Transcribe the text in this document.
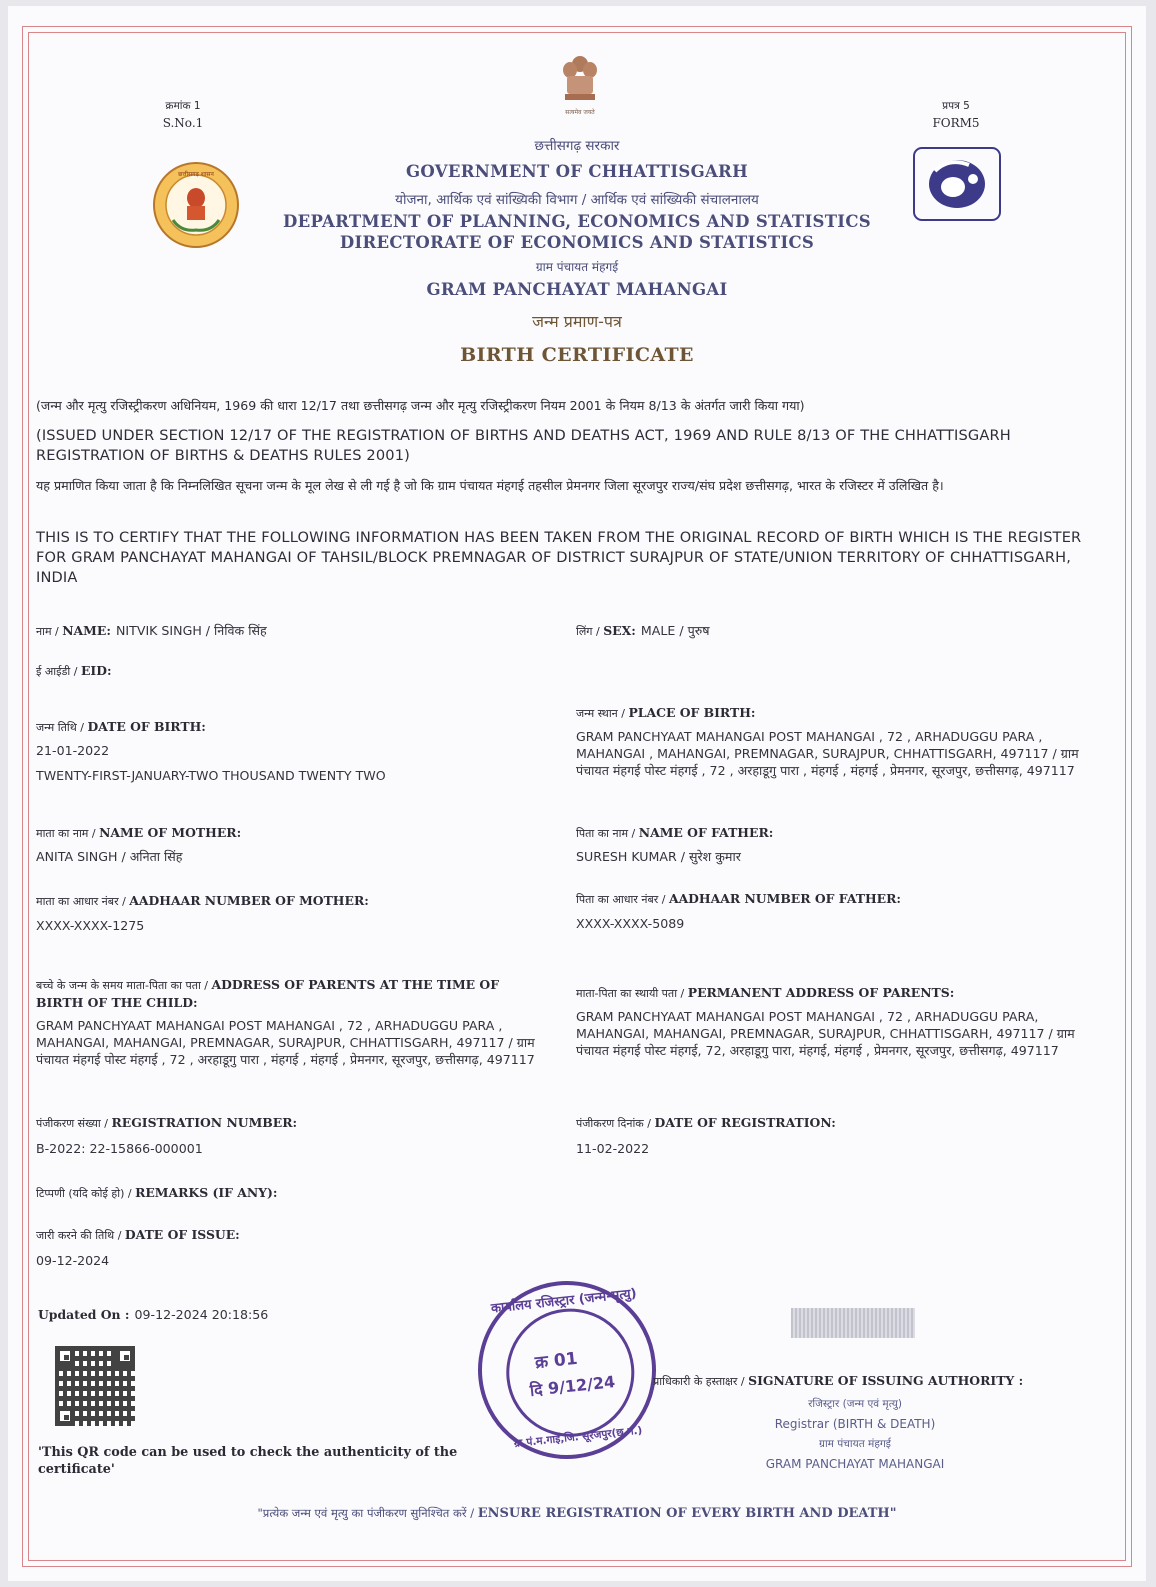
क्रमांक 1
S.No.1
प्रपत्र 5
FORM5
सत्यमेव जयते
छत्तीसगढ़ शासन
छत्तीसगढ़ सरकार
GOVERNMENT OF CHHATTISGARH
योजना, आर्थिक एवं सांख्यिकी विभाग / आर्थिक एवं सांख्यिकी संचालनालय
DEPARTMENT OF PLANNING, ECONOMICS AND STATISTICS
DIRECTORATE OF ECONOMICS AND STATISTICS
ग्राम पंचायत मंहगई
GRAM PANCHAYAT MAHANGAI
जन्म प्रमाण-पत्र
BIRTH CERTIFICATE
(जन्म और मृत्यु रजिस्ट्रीकरण अधिनियम, 1969 की धारा 12/17 तथा छत्तीसगढ़ जन्म और मृत्यु रजिस्ट्रीकरण नियम 2001 के नियम 8/13 के अंतर्गत जारी किया गया)
(ISSUED UNDER SECTION 12/17 OF THE REGISTRATION OF BIRTHS AND DEATHS ACT, 1969 AND RULE 8/13 OF THE CHHATTISGARH REGISTRATION OF BIRTHS & DEATHS RULES 2001)
यह प्रमाणित किया जाता है कि निम्नलिखित सूचना जन्म के मूल लेख से ली गई है जो कि ग्राम पंचायत मंहगई तहसील प्रेमनगर जिला सूरजपुर राज्य/संघ प्रदेश छत्तीसगढ़, भारत के रजिस्टर में उलिखित है।
THIS IS TO CERTIFY THAT THE FOLLOWING INFORMATION HAS BEEN TAKEN FROM THE ORIGINAL RECORD OF BIRTH WHICH IS THE REGISTER FOR GRAM PANCHAYAT MAHANGAI OF TAHSIL/BLOCK PREMNAGAR OF DISTRICT SURAJPUR OF STATE/UNION TERRITORY OF CHHATTISGARH, INDIA
नाम / NAME: NITVIK SINGH / निविक सिंह
ई आईडी / EID:
जन्म तिथि / DATE OF BIRTH:
21-01-2022
TWENTY-FIRST-JANUARY-TWO THOUSAND TWENTY TWO
माता का नाम / NAME OF MOTHER:
ANITA SINGH / अनिता सिंह
माता का आधार नंबर / AADHAAR NUMBER OF MOTHER:
XXXX-XXXX-1275
बच्चे के जन्म के समय माता-पिता का पता / ADDRESS OF PARENTS AT THE TIME OF BIRTH OF THE CHILD:
GRAM PANCHYAAT MAHANGAI POST MAHANGAI , 72 , ARHADUGGU PARA , MAHANGAI, MAHANGAI, PREMNAGAR, SURAJPUR, CHHATTISGARH, 497117 / ग्राम पंचायत मंहगई पोस्ट मंहगई , 72 , अरहाडूगु पारा , मंहगई , मंहगई , प्रेमनगर, सूरजपुर, छत्तीसगढ़, 497117
पंजीकरण संख्या / REGISTRATION NUMBER:
B-2022: 22-15866-000001
टिप्पणी (यदि कोई हो) / REMARKS (IF ANY):
जारी करने की तिथि / DATE OF ISSUE:
09-12-2024
लिंग / SEX: MALE / पुरुष
जन्म स्थान / PLACE OF BIRTH:
GRAM PANCHYAAT MAHANGAI POST MAHANGAI , 72 , ARHADUGGU PARA , MAHANGAI , MAHANGAI, PREMNAGAR, SURAJPUR, CHHATTISGARH, 497117 / ग्राम पंचायत मंहगई पोस्ट मंहगई , 72 , अरहाडूगु पारा , मंहगई , मंहगई , प्रेमनगर, सूरजपुर, छत्तीसगढ़, 497117
पिता का नाम / NAME OF FATHER:
SURESH KUMAR / सुरेश कुमार
पिता का आधार नंबर / AADHAAR NUMBER OF FATHER:
XXXX-XXXX-5089
माता-पिता का स्थायी पता / PERMANENT ADDRESS OF PARENTS:
GRAM PANCHYAAT MAHANGAI POST MAHANGAI , 72 , ARHADUGGU PARA, MAHANGAI, MAHANGAI, PREMNAGAR, SURAJPUR, CHHATTISGARH, 497117 / ग्राम पंचायत मंहगई पोस्ट मंहगई, 72, अरहाडूगु पारा, मंहगई, मंहगई , प्रेमनगर, सूरजपुर, छत्तीसगढ़, 497117
पंजीकरण दिनांक / DATE OF REGISTRATION:
11-02-2022
Updated On : 09-12-2024 20:18:56
'This QR code can be used to check the authenticity of the certificate'
कार्यालय रजिस्ट्रार (जन्म-मृत्यु)
क्र 01
दि 9/12/24
ग्रा.पं.म.गाई,जि. सूरजपुर(छ.ग.)
प्राधिकारी के हस्ताक्षर / SIGNATURE OF ISSUING AUTHORITY :
रजिस्ट्रार (जन्म एवं मृत्यु)
Registrar (BIRTH & DEATH)
ग्राम पंचायत मंहगई
GRAM PANCHAYAT MAHANGAI
"प्रत्येक जन्म एवं मृत्यु का पंजीकरण सुनिश्चित करें / ENSURE REGISTRATION OF EVERY BIRTH AND DEATH"
